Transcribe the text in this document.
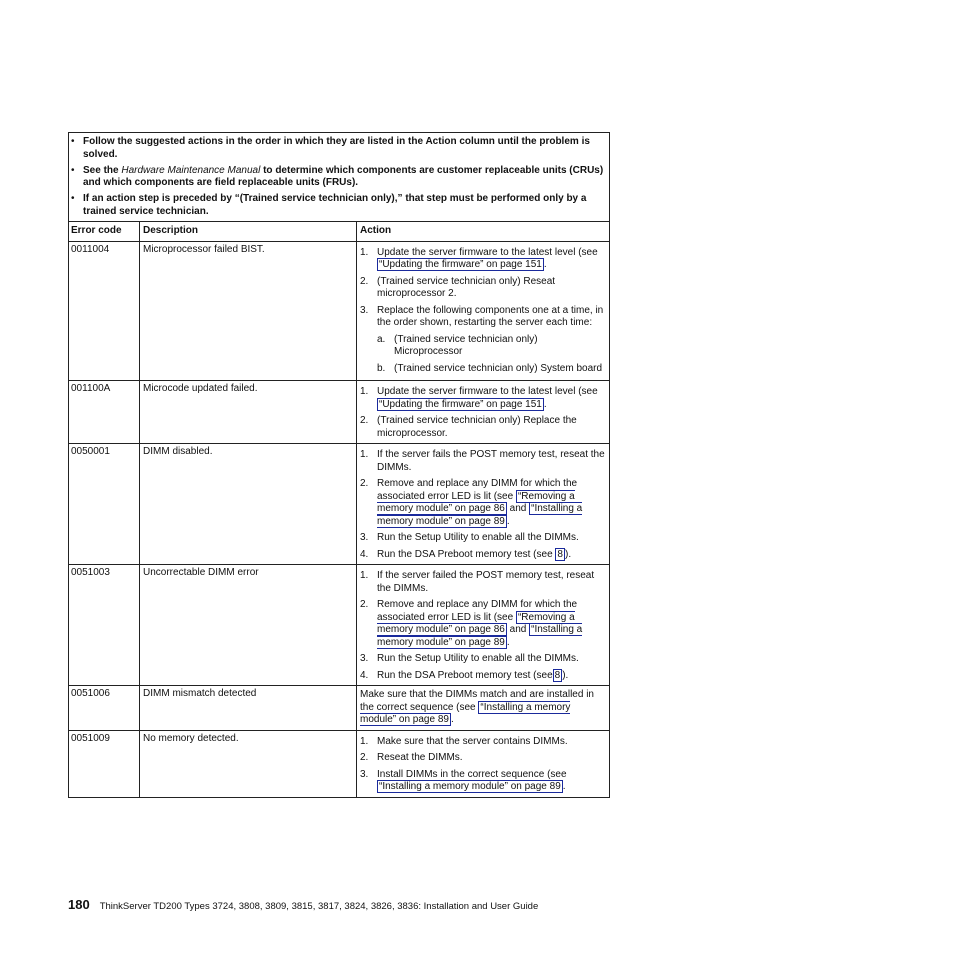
• Follow the suggested actions in the order in which they are listed in the Action column until the problem is solved.
• See the Hardware Maintenance Manual to determine which components are customer replaceable units (CRUs) and which components are field replaceable units (FRUs).
• If an action step is preceded by “(Trained service technician only),” that step must be performed only by a trained service technician.
Error code	Description	Action
0011004	Microprocessor failed BIST.	1. Update the server firmware to the latest level (see “Updating the firmware” on page 151 .
2. (Trained service technician only) Reseat microprocessor 2.
3. Replace the following components one at a time, in the order shown, restarting the server each time:
a. (Trained service technician only) Microprocessor
b. (Trained service technician only) System board
001100A	Microcode updated failed.	1. Update the server firmware to the latest level (see “Updating the firmware” on page 151 .
2. (Trained service technician only) Replace the microprocessor.
0050001	DIMM disabled.	1. If the server fails the POST memory test, reseat the DIMMs.
2. Remove and replace any DIMM for which the associated error LED is lit (see “Removing a memory module” on page 86 and “Installing a memory module” on page 89 .
3. Run the Setup Utility to enable all the DIMMs.
4. Run the DSA Preboot memory test (see 8 ).
0051003	Uncorrectable DIMM error	1. If the server failed the POST memory test, reseat the DIMMs.
2. Remove and replace any DIMM for which the associated error LED is lit (see “Removing a memory module” on page 86 and “Installing a memory module” on page 89 .
3. Run the Setup Utility to enable all the DIMMs.
4. Run the DSA Preboot memory test (see 8 ).
0051006	DIMM mismatch detected	Make sure that the DIMMs match and are installed in the correct sequence (see “Installing a memory module” on page 89 .
0051009	No memory detected.	1. Make sure that the server contains DIMMs.
2. Reseat the DIMMs.
3. Install DIMMs in the correct sequence (see “Installing a memory module” on page 89 .
180 ThinkServer TD200 Types 3724, 3808, 3809, 3815, 3817, 3824, 3826, 3836: Installation and User Guide
